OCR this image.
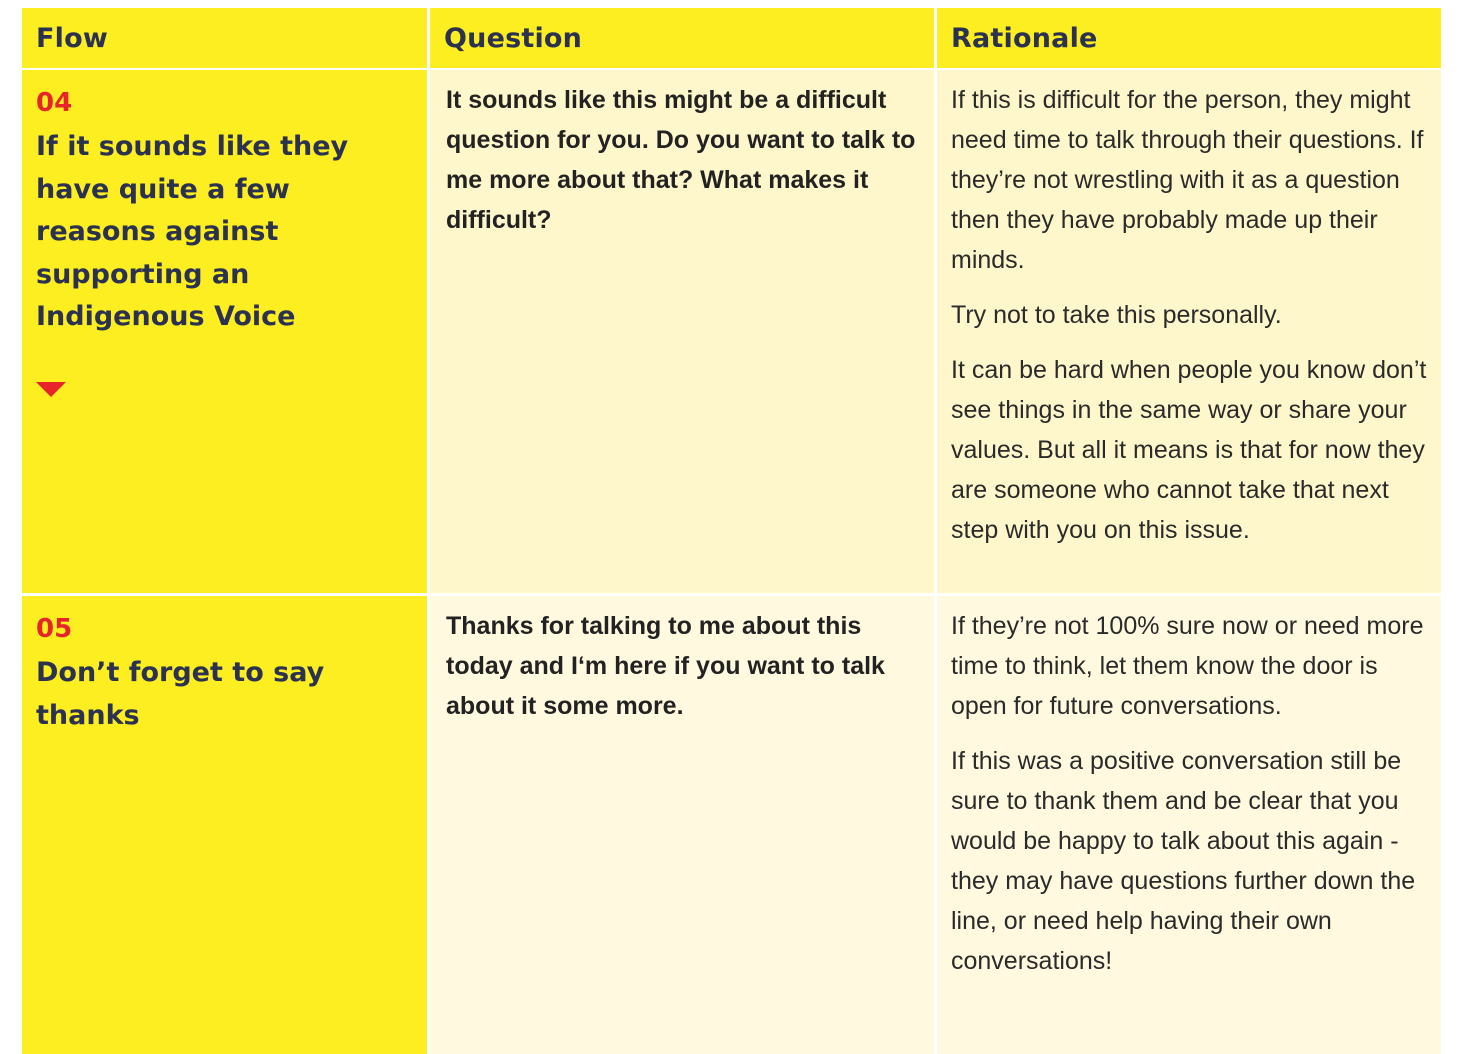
Flow	Question	Rationale
04
If it sounds like they have quite a few reasons against supporting an Indigenous Voice
It sounds like this might be a difficult question for you. Do you want to talk to me more about that? What makes it difficult?

If this is difficult for the person, they might need time to talk through their questions. If they’re not wrestling with it as a question then they have probably made up their minds.

Try not to take this personally.

It can be hard when people you know don’t see things in the same way or share your values. But all it means is that for now they are someone who cannot take that next step with you on this issue.

05
Don’t forget to say thanks
Thanks for talking to me about this today and I‘m here if you want to talk about it some more.

If they’re not 100% sure now or need more time to think, let them know the door is open for future conversations.

If this was a positive conversation still be sure to thank them and be clear that you would be happy to talk about this again - they may have questions further down the line, or need help having their own conversations!
